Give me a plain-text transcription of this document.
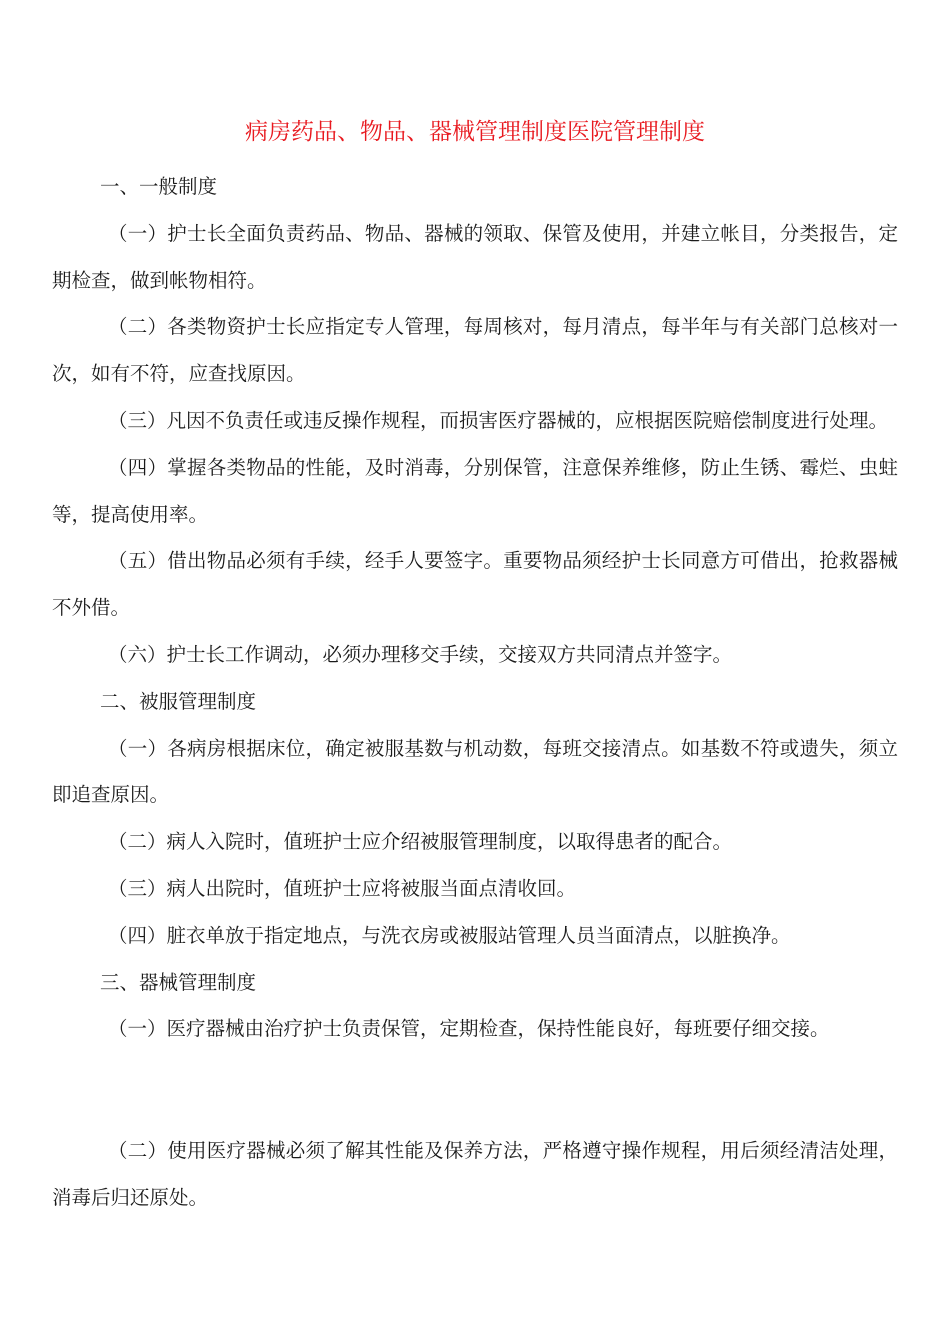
病房药品、物品、器械管理制度医院管理制度

一、一般制度

（一）护士长全面负责药品、物品、器械的领取、保管及使用，并建立帐目，分类报告，定期检查，做到帐物相符。

（二）各类物资护士长应指定专人管理，每周核对，每月清点，每半年与有关部门总核对一次，如有不符，应查找原因。

（三）凡因不负责任或违反操作规程，而损害医疗器械的，应根据医院赔偿制度进行处理。

（四）掌握各类物品的性能，及时消毒，分别保管，注意保养维修，防止生锈、霉烂、虫蛀等，提高使用率。

（五）借出物品必须有手续，经手人要签字。重要物品须经护士长同意方可借出，抢救器械不外借。

（六）护士长工作调动，必须办理移交手续，交接双方共同清点并签字。

二、被服管理制度

（一）各病房根据床位，确定被服基数与机动数，每班交接清点。如基数不符或遗失，须立即追查原因。

（二）病人入院时，值班护士应介绍被服管理制度，以取得患者的配合。

（三）病人出院时，值班护士应将被服当面点清收回。

（四）脏衣单放于指定地点，与洗衣房或被服站管理人员当面清点，以脏换净。

三、器械管理制度

（一）医疗器械由治疗护士负责保管，定期检查，保持性能良好，每班要仔细交接。

（二）使用医疗器械必须了解其性能及保养方法，严格遵守操作规程，用后须经清洁处理，消毒后归还原处。
